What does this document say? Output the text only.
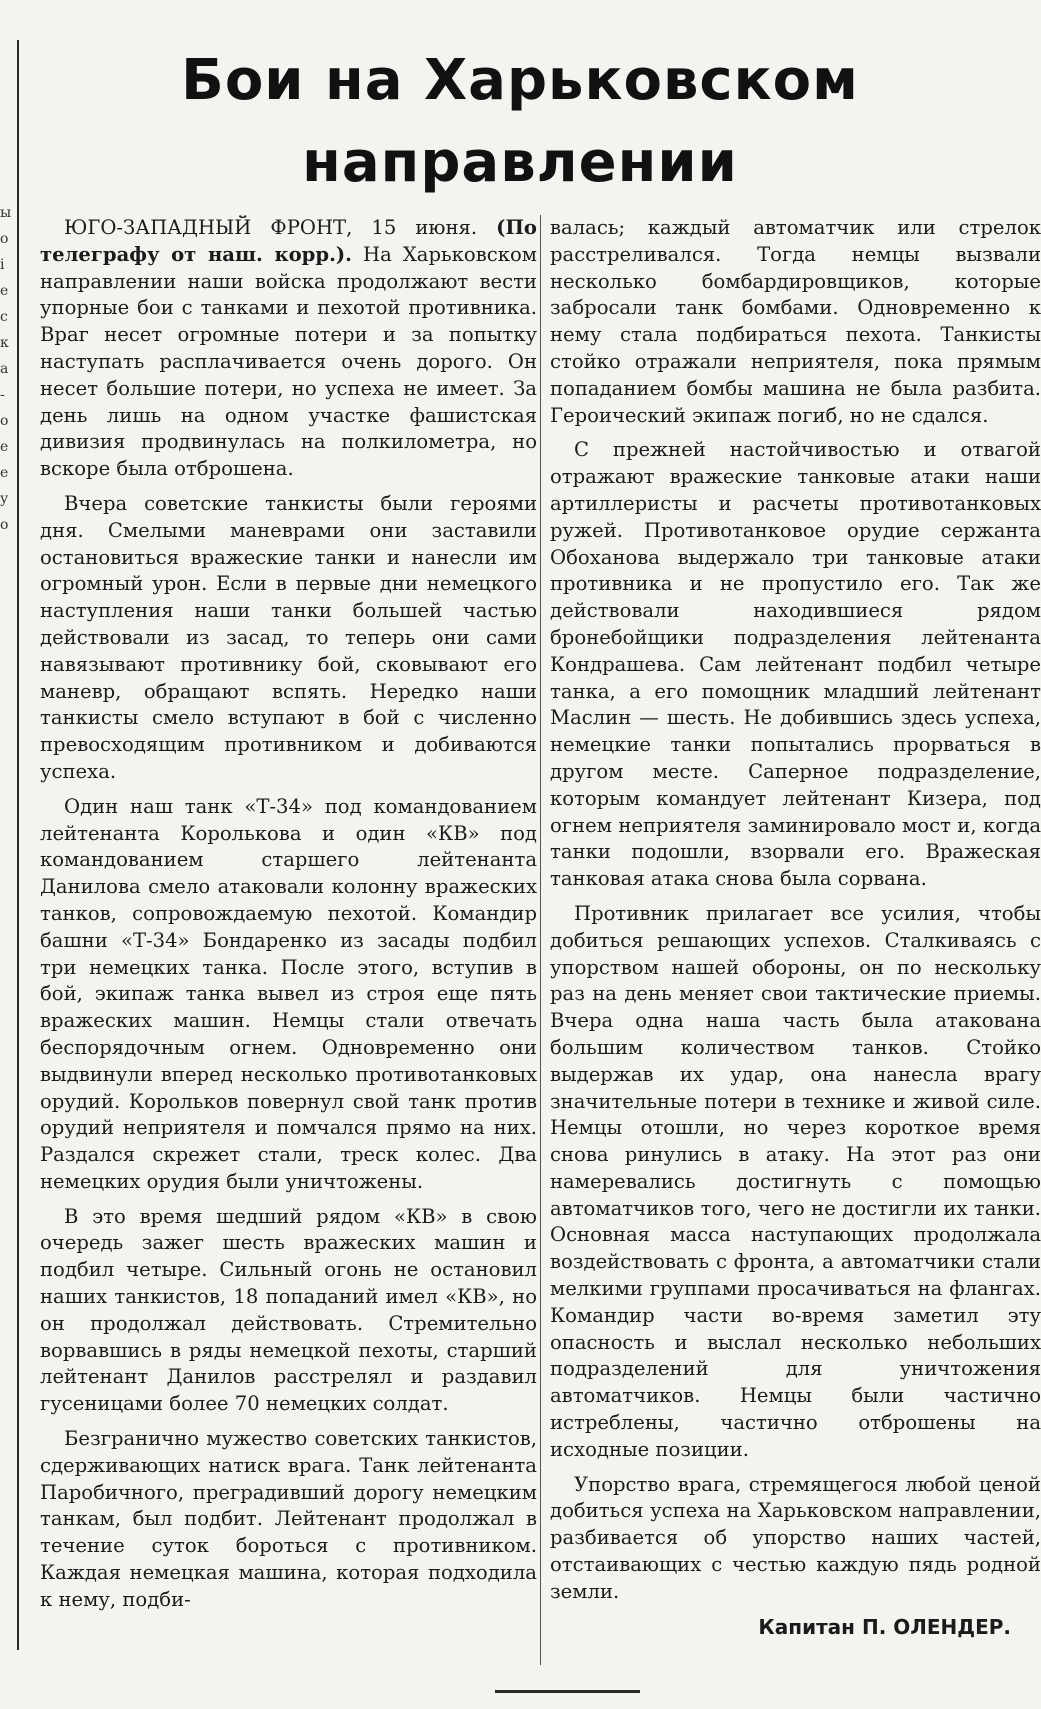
ы
о
і
е
с
к
а
-
о
е
е
у
о
Бои на Харьковском
направлении

ЮГО-ЗАПАДНЫЙ ФРОНТ, 15 июня. (По телеграфу от наш. корр.). На Харьковском направлении наши войска продолжают вести упорные бои с танками и пехотой противника. Враг несет огромные потери и за попытку наступать расплачивается очень дорого. Он несет большие потери, но успеха не имеет. За день лишь на одном участке фашистская дивизия продвинулась на полкилометра, но вскоре была отброшена.

Вчера советские танкисты были героями дня. Смелыми маневрами они заставили остановиться вражеские танки и нанесли им огромный урон. Если в первые дни немецкого наступления наши танки большей частью действовали из засад, то теперь они сами навязывают противнику бой, сковывают его маневр, обращают вспять. Нередко наши танкисты смело вступают в бой с численно превосходящим противником и добиваются успеха.

Один наш танк «Т-34» под командованием лейтенанта Королькова и один «КВ» под командованием старшего лейтенанта Данилова смело атаковали колонну вражеских танков, сопровождаемую пехотой. Командир башни «Т-34» Бондаренко из засады подбил три немецких танка. После этого, вступив в бой, экипаж танка вывел из строя еще пять вражеских машин. Немцы стали отвечать беспорядочным огнем. Одновременно они выдвинули вперед несколько противотанковых орудий. Корольков повернул свой танк против орудий неприятеля и помчался прямо на них. Раздался скрежет стали, треск колес. Два немецких орудия были уничтожены.

В это время шедший рядом «КВ» в свою очередь зажег шесть вражеских машин и подбил четыре. Сильный огонь не остановил наших танкистов, 18 попаданий имел «КВ», но он продолжал действовать. Стремительно ворвавшись в ряды немецкой пехоты, старший лейтенант Данилов расстрелял и раздавил гусеницами более 70 немецких солдат.

Безгранично мужество советских танкистов, сдерживающих натиск врага. Танк лейтенанта Паробичного, преградивший дорогу немецким танкам, был подбит. Лейтенант продолжал в течение суток бороться с противником. Каждая немецкая машина, которая подходила к нему, подби-

валась; каждый автоматчик или стрелок расстреливался. Тогда немцы вызвали несколько бомбардировщиков, которые забросали танк бомбами. Одновременно к нему стала подбираться пехота. Танкисты стойко отражали неприятеля, пока прямым попаданием бомбы машина не была разбита. Героический экипаж погиб, но не сдался.

С прежней настойчивостью и отвагой отражают вражеские танковые атаки наши артиллеристы и расчеты противотанковых ружей. Противотанковое орудие сержанта Обоханова выдержало три танковые атаки противника и не пропустило его. Так же действовали находившиеся рядом бронебойщики подразделения лейтенанта Кондрашева. Сам лейтенант подбил четыре танка, а его помощник младший лейтенант Маслин — шесть. Не добившись здесь успеха, немецкие танки попытались прорваться в другом месте. Саперное подразделение, которым командует лейтенант Кизера, под огнем неприятеля заминировало мост и, когда танки подошли, взорвали его. Вражеская танковая атака снова была сорвана.

Противник прилагает все усилия, чтобы добиться решающих успехов. Сталкиваясь с упорством нашей обороны, он по нескольку раз на день меняет свои тактические приемы. Вчера одна наша часть была атакована большим количеством танков. Стойко выдержав их удар, она нанесла врагу значительные потери в технике и живой силе. Немцы отошли, но через короткое время снова ринулись в атаку. На этот раз они намеревались достигнуть с помощью автоматчиков того, чего не достигли их танки. Основная масса наступающих продолжала воздействовать с фронта, а автоматчики стали мелкими группами просачиваться на флангах. Командир части во-время заметил эту опасность и выслал несколько небольших подразделений для уничтожения автоматчиков. Немцы были частично истреблены, частично отброшены на исходные позиции.

Упорство врага, стремящегося любой ценой добиться успеха на Харьковском направлении, разбивается об упорство наших частей, отстаивающих с честью каждую пядь родной земли.

Капитан П. ОЛЕНДЕР.
